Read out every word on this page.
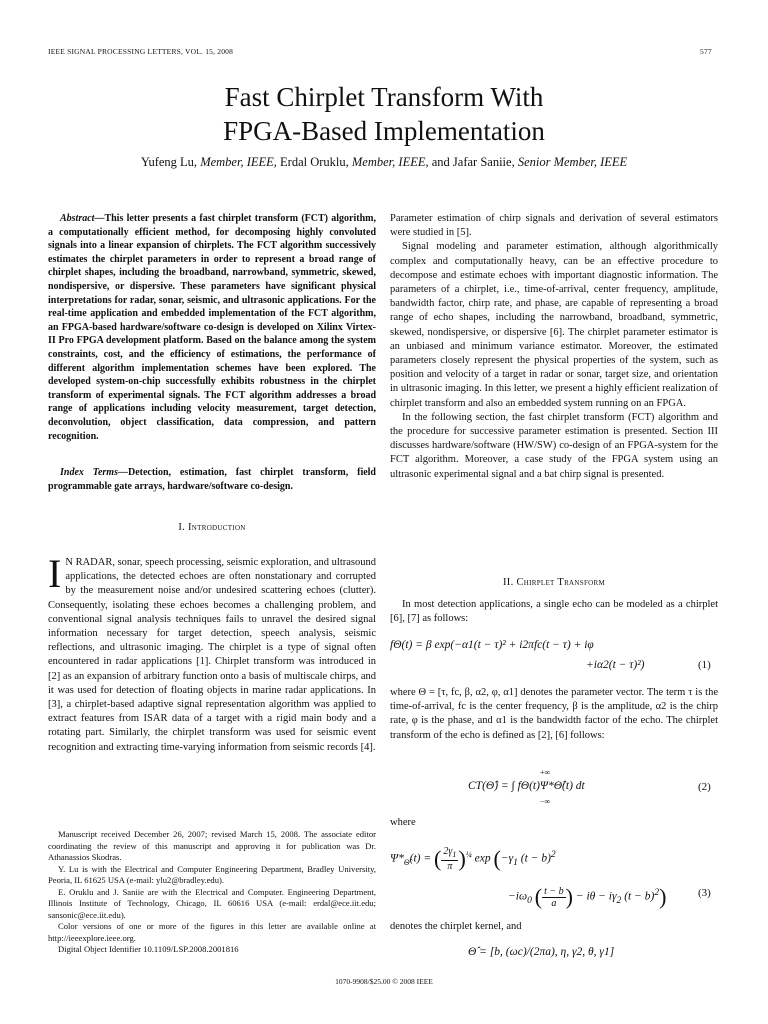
IEEE SIGNAL PROCESSING LETTERS, VOL. 15, 2008	577
Fast Chirplet Transform With
FPGA-Based Implementation
Yufeng Lu, Member, IEEE, Erdal Oruklu, Member, IEEE, and Jafar Saniie, Senior Member, IEEE

Abstract—This letter presents a fast chirplet transform (FCT) algorithm, a computationally efficient method, for decomposing highly convoluted signals into a linear expansion of chirplets. The FCT algorithm successively estimates the chirplet parameters in order to represent a broad range of chirplet shapes, including the broadband, narrowband, symmetric, skewed, nondispersive, or dispersive. These parameters have significant physical interpretations for radar, sonar, seismic, and ultrasonic applications. For the real-time application and embedded implementation of the FCT algorithm, an FPGA-based hardware/software co-design is developed on Xilinx Virtex-II Pro FPGA development platform. Based on the balance among the system constraints, cost, and the efficiency of estimations, the performance of different algorithm implementation schemes have been explored. The developed system-on-chip successfully exhibits robustness in the chirplet transform of experimental signals. The FCT algorithm addresses a broad range of applications including velocity measurement, target detection, deconvolution, object classification, data compression, and pattern recognition.

Index Terms—Detection, estimation, fast chirplet transform, field programmable gate arrays, hardware/software co-design.

I. Introduction

I N RADAR, sonar, speech processing, seismic exploration, and ultrasound applications, the detected echoes are often nonstationary and corrupted by the measurement noise and/or undesired scattering echoes (clutter). Consequently, isolating these echoes becomes a challenging problem, and conventional signal analysis techniques fails to unravel the desired signal information necessary for target detection, speech analysis, seismic reflections, and ultrasonic imaging. The chirplet is a type of signal often encountered in radar applications [1]. Chirplet transform was introduced in [2] as an expansion of arbitrary function onto a basis of multiscale chirps, and it was used for detection of floating objects in marine radar applications. In [3], a chirplet-based adaptive signal representation algorithm was applied to extract features from ISAR data of a target with a rigid main body and a rotating part. Similarly, the chirplet transform was used for seismic event recognition and extracting time-varying information from seismic records [4].

Manuscript received December 26, 2007; revised March 15, 2008. The associate editor coordinating the review of this manuscript and approving it for publication was Dr. Athanassios Skodras.

Y. Lu is with the Electrical and Computer Engineering Department, Bradley University, Peoria, IL 61625 USA (e-mail: ylu2@bradley.edu).

E. Oruklu and J. Saniie are with the Electrical and Computer. Engineering Department, Illinois Institute of Technology, Chicago, IL 60616 USA (e-mail: erdal@ece.iit.edu; sansonic@ece.iit.edu).

Color versions of one or more of the figures in this letter are available online at http://ieeexplore.ieee.org.

Digital Object Identifier 10.1109/LSP.2008.2001816

Parameter estimation of chirp signals and derivation of several estimators were studied in [5].

Signal modeling and parameter estimation, although algorithmically complex and computationally heavy, can be an effective procedure to decompose and estimate echoes with important diagnostic information. The parameters of a chirplet, i.e., time-of-arrival, center frequency, amplitude, bandwidth factor, chirp rate, and phase, are capable of representing a broad range of echo shapes, including the narrowband, broadband, symmetric, skewed, nondispersive, or dispersive [6]. The chirplet parameter estimator is an unbiased and minimum variance estimator. Moreover, the estimated parameters closely represent the physical properties of the system, such as position and velocity of a target in radar or sonar, target size, and orientation in ultrasonic imaging. In this letter, we present a highly efficient realization of chirplet transform and also an embedded system running on an FPGA.

In the following section, the fast chirplet transform (FCT) algorithm and the procedure for successive parameter estimation is presented. Section III discusses hardware/software (HW/SW) co-design of an FPGA-system for the FCT algorithm. Moreover, a case study of the FPGA system using an ultrasonic experimental signal and a bat chirp signal is presented.

II. Chirplet Transform

In most detection applications, a single echo can be modeled as a chirplet [6], [7] as follows:

fΘ(t) = β exp(−α1(t − τ)² + i2πfc(t − τ) + iφ
+iα2(t − τ)²)	(1)

where Θ = [τ, fc, β, α2, φ, α1] denotes the parameter vector. The term τ is the time-of-arrival, fc is the center frequency, β is the amplitude, α2 is the chirp rate, φ is the phase, and α1 is the bandwidth factor of the echo. The chirplet transform of the echo is defined as [2], [6] follows:

CT(Θ̂) = ∫ fΘ(t)Ψ*Θ̂(t) dt
+∞
−∞
(2)

where

$\Psi*_{\Thetâ}(t)$ = ( $\frac{2\gamma_1}{\pi} )^{\frac{1}{4}}$ $\exp (-\gamma_1$ $(t - b)^2$
$-i\omega_0$ ( $\frac{t - b}{a}$ ) − $i\theta - i\gamma_2$ $(t - b)^2$)	(3)

denotes the chirplet kernel, and

Θ̂ = [b, (ωc)/(2πa), η, γ2, θ, γ1]
1070-9908/$25.00 © 2008 IEEE
